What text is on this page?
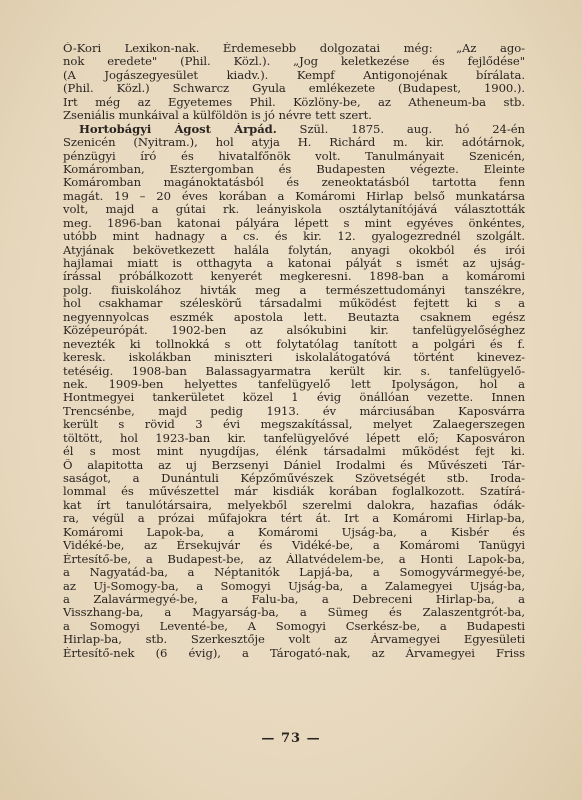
Ó-Kori Lexikon-nak. Érdemesebb dolgozatai még: „Az ago-
nok eredete" (Phil. Közl.). „Jog keletkezése és fejlődése"
(A Jogászegyesület kiadv.). Kempf Antigonojénak bírálata.
(Phil. Közl.) Schwarcz Gyula emlékezete (Budapest, 1900.).
Irt még az Egyetemes Phil. Közlöny-be, az Atheneum-ba stb.
Zseniális munkáival a külföldön is jó névre tett szert.
Hortobágyi Ágost Árpád. Szül. 1875. aug. hó 24-én
Szenicén (Nyitram.), hol atyja H. Richárd m. kir. adótárnok,
pénzügyi író és hivatalfőnök volt. Tanulmányait Szenicén,
Komáromban, Esztergomban és Budapesten végezte. Eleinte
Komáromban magánoktatásból és zeneoktatásból tartotta fenn
magát. 19 – 20 éves korában a Komáromi Hirlap belső munkatársa
volt, majd a gútai rk. leányiskola osztálytanítójává választották
meg. 1896-ban katonai pályára lépett s mint egyéves önkéntes,
utóbb mint hadnagy a cs. és kir. 12. gyalogezrednél szolgált.
Atyjának bekövetkezett halála folytán, anyagi okokból és irói
hajlamai miatt is otthagyta a katonai pályát s ismét az ujság-
írással próbálkozott kenyerét megkeresni. 1898-ban a komáromi
polg. fiuiskolához hivták meg a természettudományi tanszékre,
hol csakhamar széleskörű társadalmi működést fejtett ki s a
negyennyolcas eszmék apostola lett. Beutazta csaknem egész
Középeurópát. 1902-ben az alsókubini kir. tanfelügyelőséghez
nevezték ki tollnokká s ott folytatólag tanított a polgári és f.
keresk. iskolákban miniszteri iskolalátogatóvá történt kinevez-
tetéséig. 1908-ban Balassagyarmatra került kir. s. tanfelügyelő-
nek. 1909-ben helyettes tanfelügyelő lett Ipolyságon, hol a
Hontmegyei tankerületet közel 1 évig önállóan vezette. Innen
Trencsénbe, majd pedig 1913. év márciusában Kaposvárra
került s rövid 3 évi megszakítással, melyet Zalaegerszegen
töltött, hol 1923-ban kir. tanfelügyelővé lépett elő; Kaposváron
él s most mint nyugdíjas, élénk társadalmi működést fejt ki.
Ő alapitotta az uj Berzsenyi Dániel Irodalmi és Művészeti Tár-
saságot, a Dunántuli Képzőművészek Szövetségét stb. Iroda-
lommal és művészettel már kisdiák korában foglalkozott. Szatírá-
kat írt tanulótársaira, melyekből szerelmi dalokra, hazafias ódák-
ra, végül a prózai műfajokra tért át. Irt a Komáromi Hirlap-ba,
Komáromi Lapok-ba, a Komáromi Ujság-ba, a Kisbér és
Vidéké-be, az Érsekujvár és Vidéké-be, a Komáromi Tanügyi
Értesítő-be, a Budapest-be, az Állatvédelem-be, a Honti Lapok-ba,
a Nagyatád-ba, a Néptanitók Lapjá-ba, a Somogyvármegyé-be,
az Uj-Somogy-ba, a Somogyi Ujság-ba, a Zalamegyei Ujság-ba,
a Zalavármegyé-be, a Falu-ba, a Debreceni Hirlap-ba, a
Visszhang-ba, a Magyarság-ba, a Sümeg és Zalaszentgrót-ba,
a Somogyi Leventé-be, A Somogyi Cserkész-be, a Budapesti
Hirlap-ba, stb. Szerkesztője volt az Árvamegyei Egyesületi
Értesítő-nek (6 évig), a Tárogató-nak, az Árvamegyei Friss
— 73 —
